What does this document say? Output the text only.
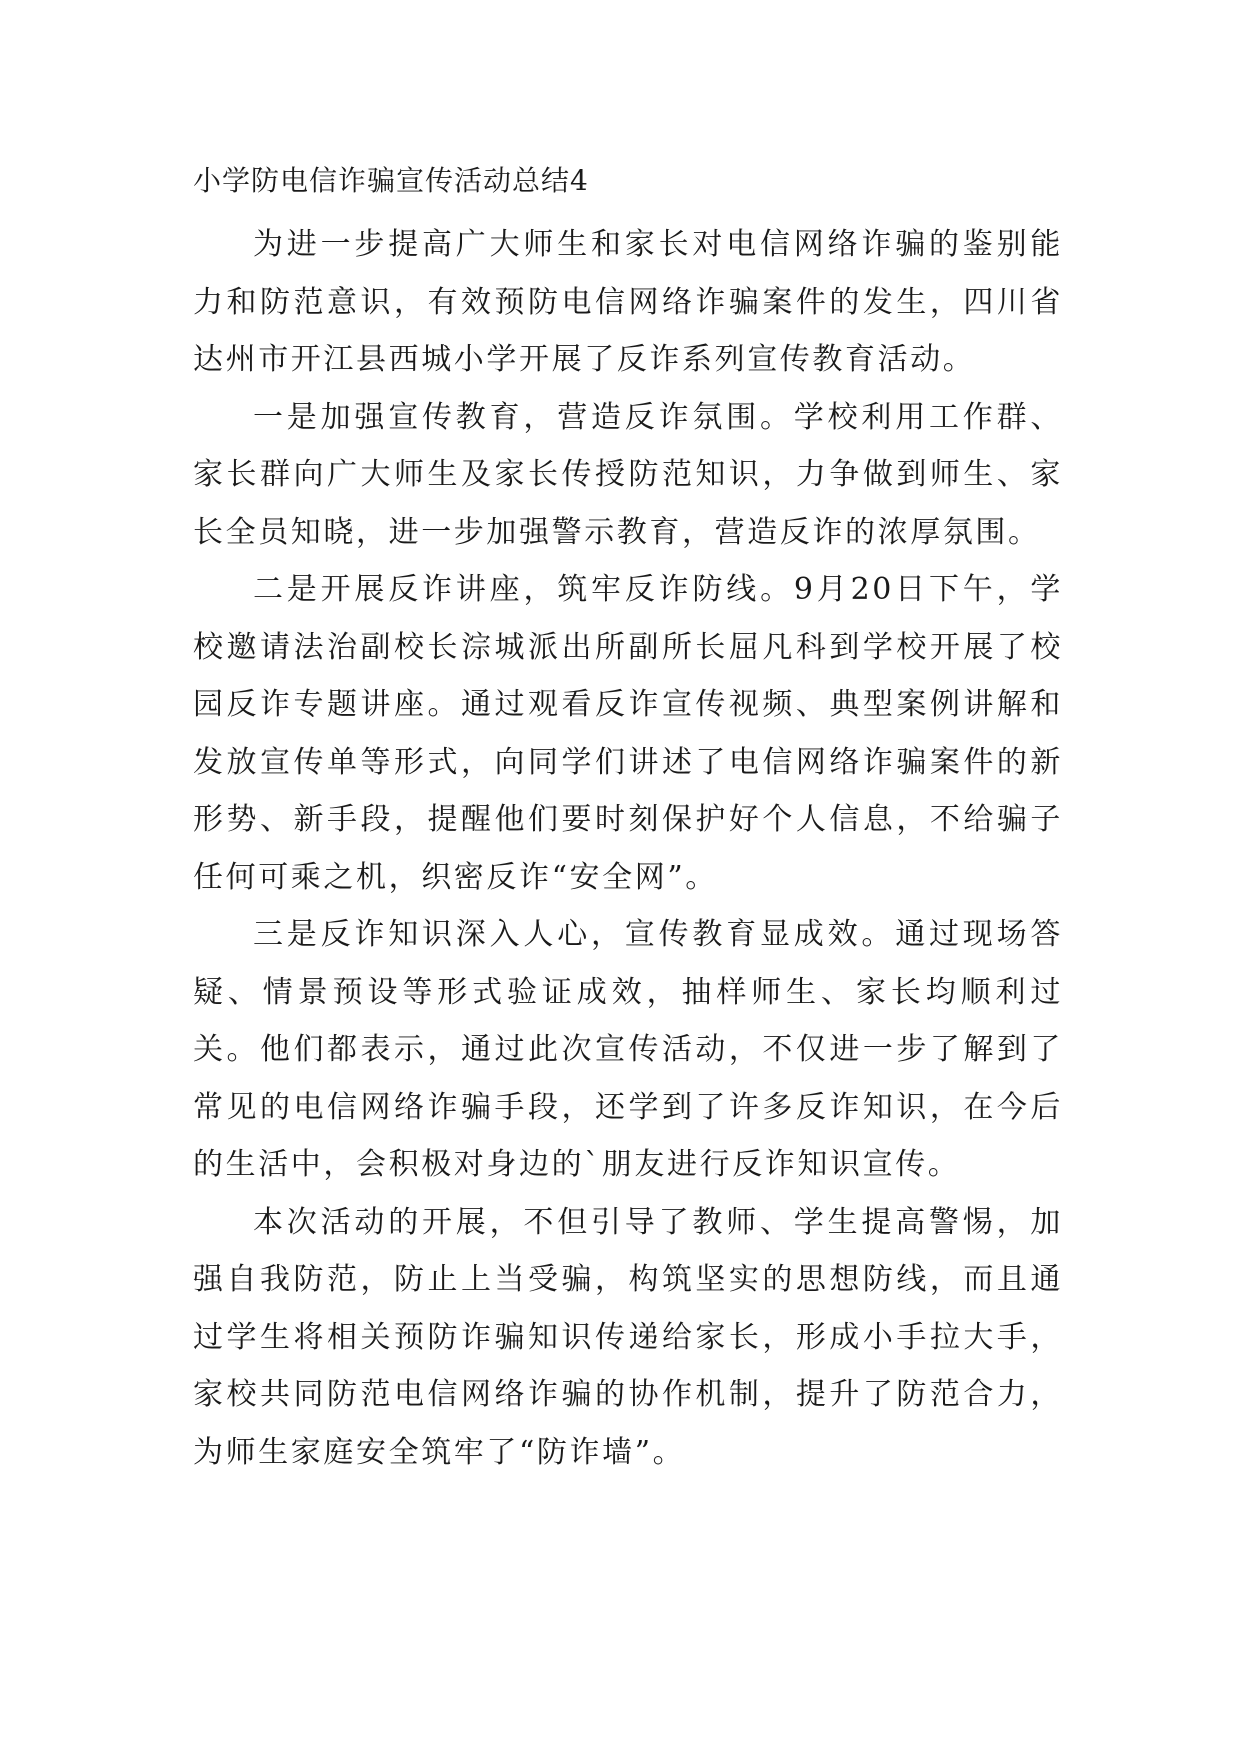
小学防电信诈骗宣传活动总结4

为进一步提高广大师生和家长对电信网络诈骗的鉴别能力和防范意识，有效预防电信网络诈骗案件的发生，四川省达州市开江县西城小学开展了反诈系列宣传教育活动。

一是加强宣传教育，营造反诈氛围。学校利用工作群、家长群向广大师生及家长传授防范知识，力争做到师生、家长全员知晓，进一步加强警示教育，营造反诈的浓厚氛围。

二是开展反诈讲座，筑牢反诈防线。9月20日下午，学校邀请法治副校长淙城派出所副所长屈凡科到学校开展了校园反诈专题讲座。通过观看反诈宣传视频、典型案例讲解和发放宣传单等形式，向同学们讲述了电信网络诈骗案件的新形势、新手段，提醒他们要时刻保护好个人信息，不给骗子任何可乘之机，织密反诈“安全网”。

三是反诈知识深入人心，宣传教育显成效。通过现场答疑、情景预设等形式验证成效，抽样师生、家长均顺利过关。他们都表示，通过此次宣传活动，不仅进一步了解到了常见的电信网络诈骗手段，还学到了许多反诈知识，在今后的生活中，会积极对身边的`朋友进行反诈知识宣传。

本次活动的开展，不但引导了教师、学生提高警惕，加强自我防范，防止上当受骗，构筑坚实的思想防线，而且通过学生将相关预防诈骗知识传递给家长，形成小手拉大手，家校共同防范电信网络诈骗的协作机制，提升了防范合力，为师生家庭安全筑牢了“防诈墙”。
